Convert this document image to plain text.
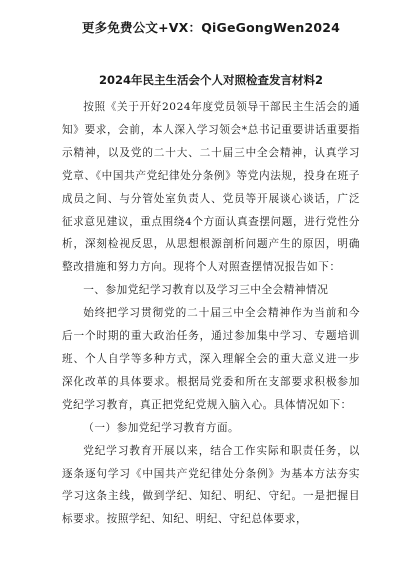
更多免费公文+VX：QiGeGongWen2024
2024年民主生活会个人对照检查发言材料2

按照《关于开好2024年度党员领导干部民主生活会的通知》要求，会前，本人深入学习领会*总书记重要讲话重要指示精神，以及党的二十大、二十届三中全会精神，认真学习党章、《中国共产党纪律处分条例》等党内法规，投身在班子成员之间、与分管处室负责人、党员等开展谈心谈话，广泛征求意见建议，重点围绕4个方面认真查摆问题，进行党性分析，深刻检视反思，从思想根源剖析问题产生的原因，明确整改措施和努力方向。现将个人对照查摆情况报告如下：

一、参加党纪学习教育以及学习三中全会精神情况

始终把学习贯彻党的二十届三中全会精神作为当前和今后一个时期的重大政治任务，通过参加集中学习、专题培训班、个人自学等多种方式，深入理解全会的重大意义进一步深化改革的具体要求。根据局党委和所在支部要求积极参加党纪学习教育，真正把党纪党规入脑入心。具体情况如下：

（一）参加党纪学习教育方面。

党纪学习教育开展以来，结合工作实际和职责任务，以逐条逐句学习《中国共产党纪律处分条例》为基本方法夯实学习这条主线，做到学纪、知纪、明纪、守纪。一是把握目标要求。按照学纪、知纪、明纪、守纪总体要求，
